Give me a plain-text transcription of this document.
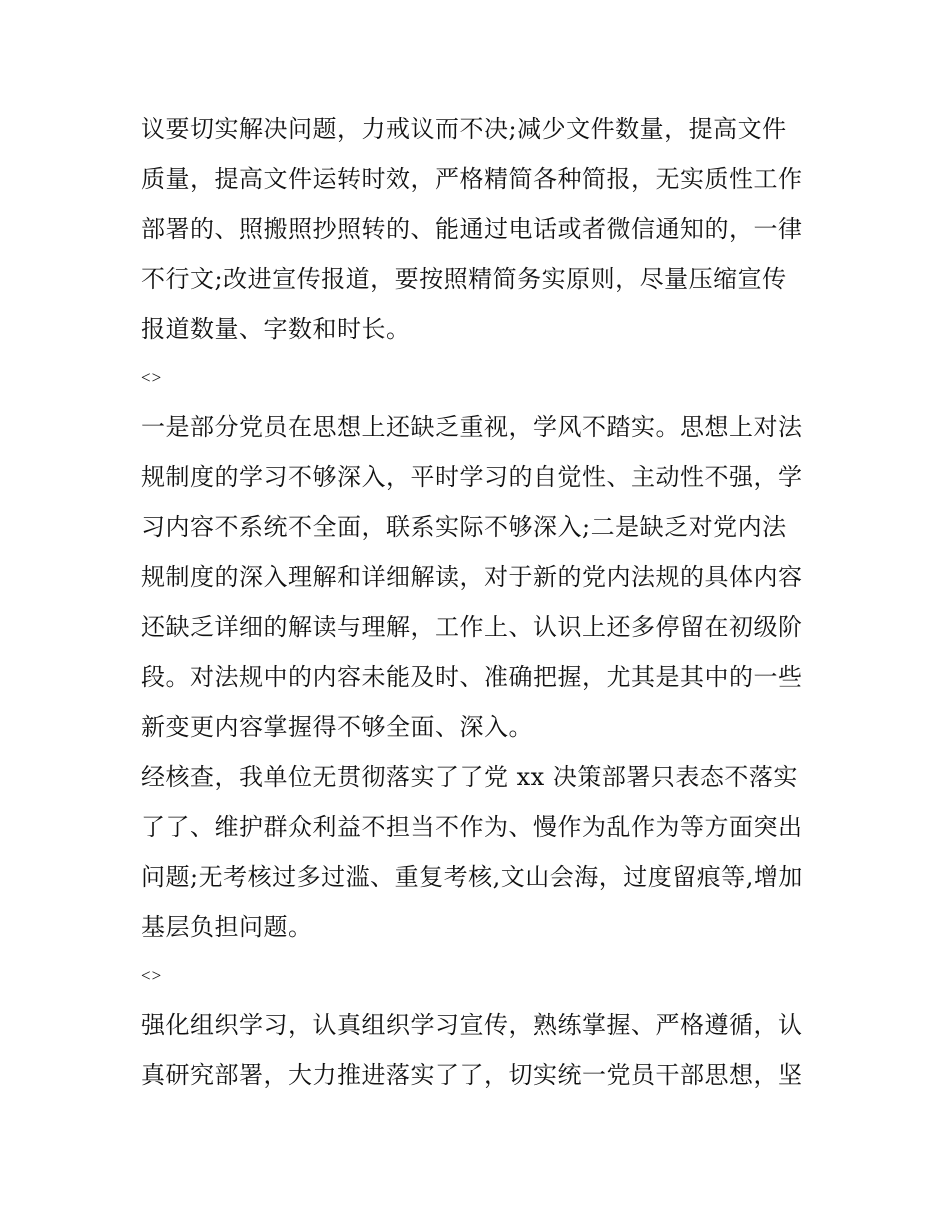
议要切实解决问题，力戒议而不决;减少文件数量，提高文件
质量，提高文件运转时效，严格精简各种简报，无实质性工作
部署的、照搬照抄照转的、能通过电话或者微信通知的，一律
不行文;改进宣传报道，要按照精简务实原则，尽量压缩宣传
报道数量、字数和时长。
<>
一是部分党员在思想上还缺乏重视，学风不踏实。思想上对法
规制度的学习不够深入，平时学习的自觉性、主动性不强，学
习内容不系统不全面，联系实际不够深入;二是缺乏对党内法
规制度的深入理解和详细解读，对于新的党内法规的具体内容
还缺乏详细的解读与理解，工作上、认识上还多停留在初级阶
段。对法规中的内容未能及时、准确把握，尤其是其中的一些
新变更内容掌握得不够全面、深入。
经核查，我单位无贯彻落实了了党 xx 决策部署只表态不落实
了了、维护群众利益不担当不作为、慢作为乱作为等方面突出
问题;无考核过多过滥、重复考核,文山会海，过度留痕等,增加
基层负担问题。
<>
强化组织学习，认真组织学习宣传，熟练掌握、严格遵循，认
真研究部署，大力推进落实了了，切实统一党员干部思想，坚
